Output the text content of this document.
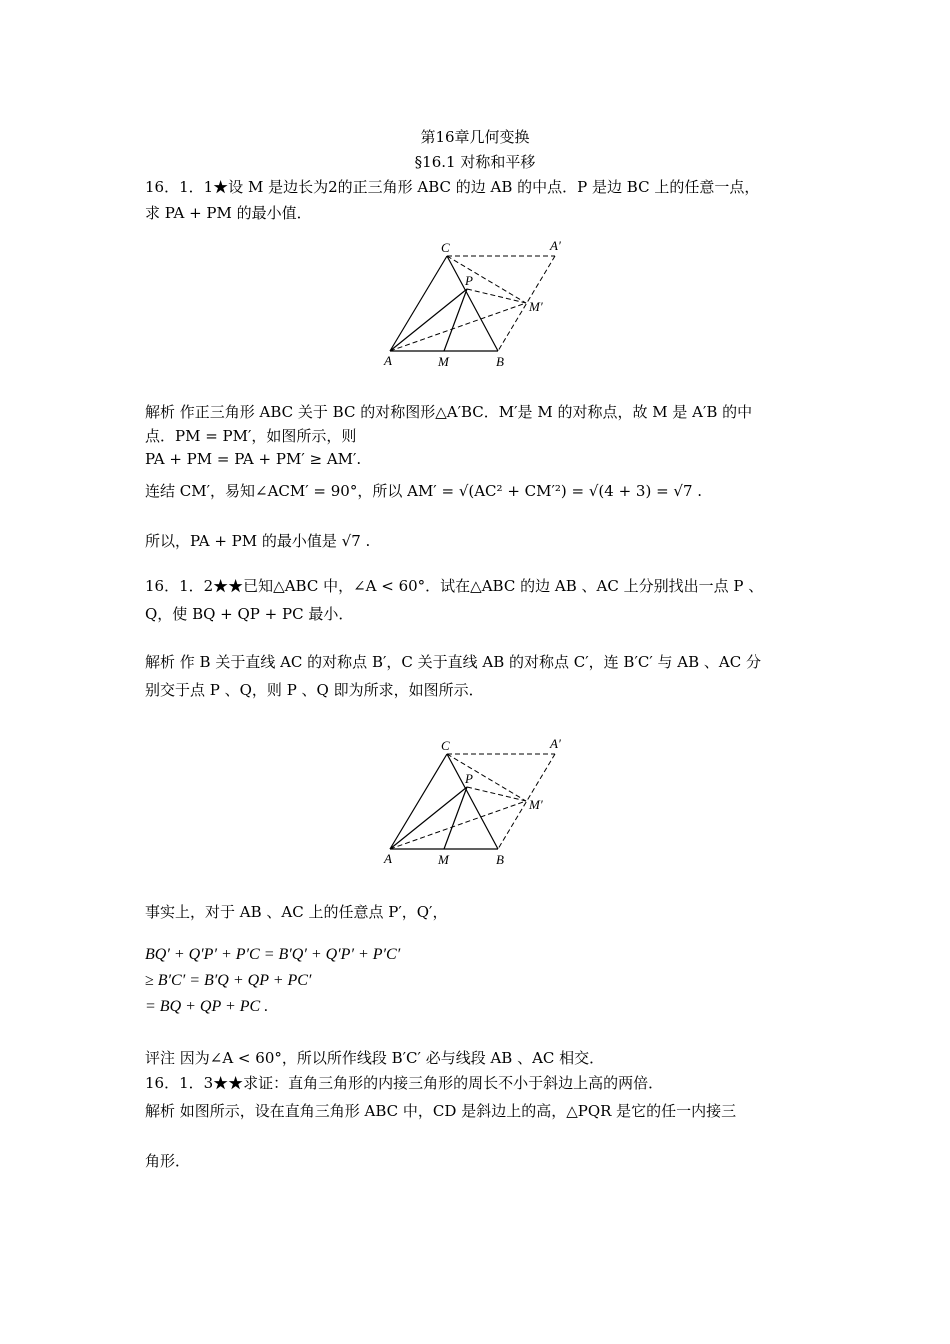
第16章几何变换
§16.1 对称和平移
16．1．1★设 M 是边长为2的正三角形 ABC 的边 AB 的中点．P 是边 BC 上的任意一点，
求 PA + PM 的最小值．
C	A′
P
M′
A	M	B
解析 作正三角形 ABC 关于 BC 的对称图形△A′BC．M′是 M 的对称点，故 M 是 A′B 的中
点．PM = PM′，如图所示，则
PA + PM = PA + PM′ ≥ AM′.
连结 CM′，易知∠ACM′ = 90°，所以 AM′ = √(AC² + CM′²) = √(4 + 3) = √7 .
所以，PA + PM 的最小值是 √7 .
16．1．2★★已知△ABC 中，∠A < 60°．试在△ABC 的边 AB 、AC 上分别找出一点 P 、
Q，使 BQ + QP + PC 最小．
解析 作 B 关于直线 AC 的对称点 B′，C 关于直线 AB 的对称点 C′，连 B′C′ 与 AB 、AC 分
别交于点 P 、Q，则 P 、Q 即为所求，如图所示．
C	A′
P
M′
A	M	B
事实上，对于 AB 、AC 上的任意点 P′，Q′，
BQ′ + Q′P′ + P′C = B′Q′ + Q′P′ + P′C′
≥ B′C′ = B′Q + QP + PC′
= BQ + QP + PC .
评注 因为∠A < 60°，所以所作线段 B′C′ 必与线段 AB 、AC 相交．
16．1．3★★求证：直角三角形的内接三角形的周长不小于斜边上高的两倍．
解析 如图所示，设在直角三角形 ABC 中，CD 是斜边上的高，△PQR 是它的任一内接三
角形．
